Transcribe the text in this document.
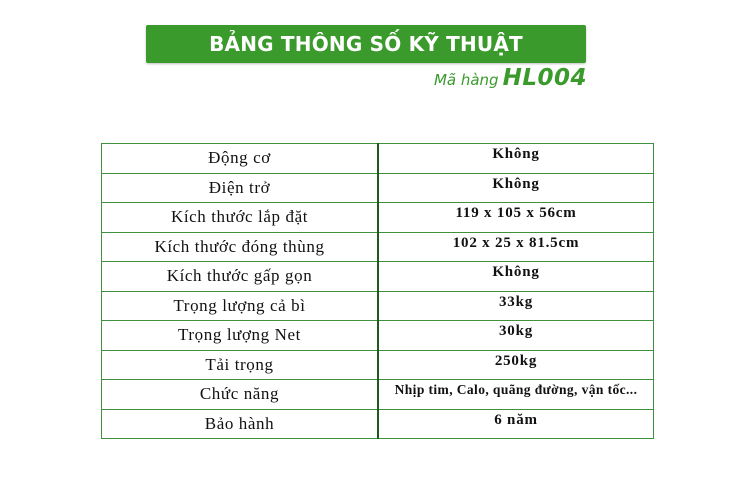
BẢNG THÔNG SỐ KỸ THUẬT
Mã hàng HL004
Động cơ	Không
Điện trở	Không
Kích thước lắp đặt	119 x 105 x 56cm
Kích thước đóng thùng	102 x 25 x 81.5cm
Kích thước gấp gọn	Không
Trọng lượng cả bì	33kg
Trọng lượng Net	30kg
Tải trọng	250kg
Chức năng	Nhịp tim, Calo, quãng đường, vận tốc...
Bảo hành	6 năm
